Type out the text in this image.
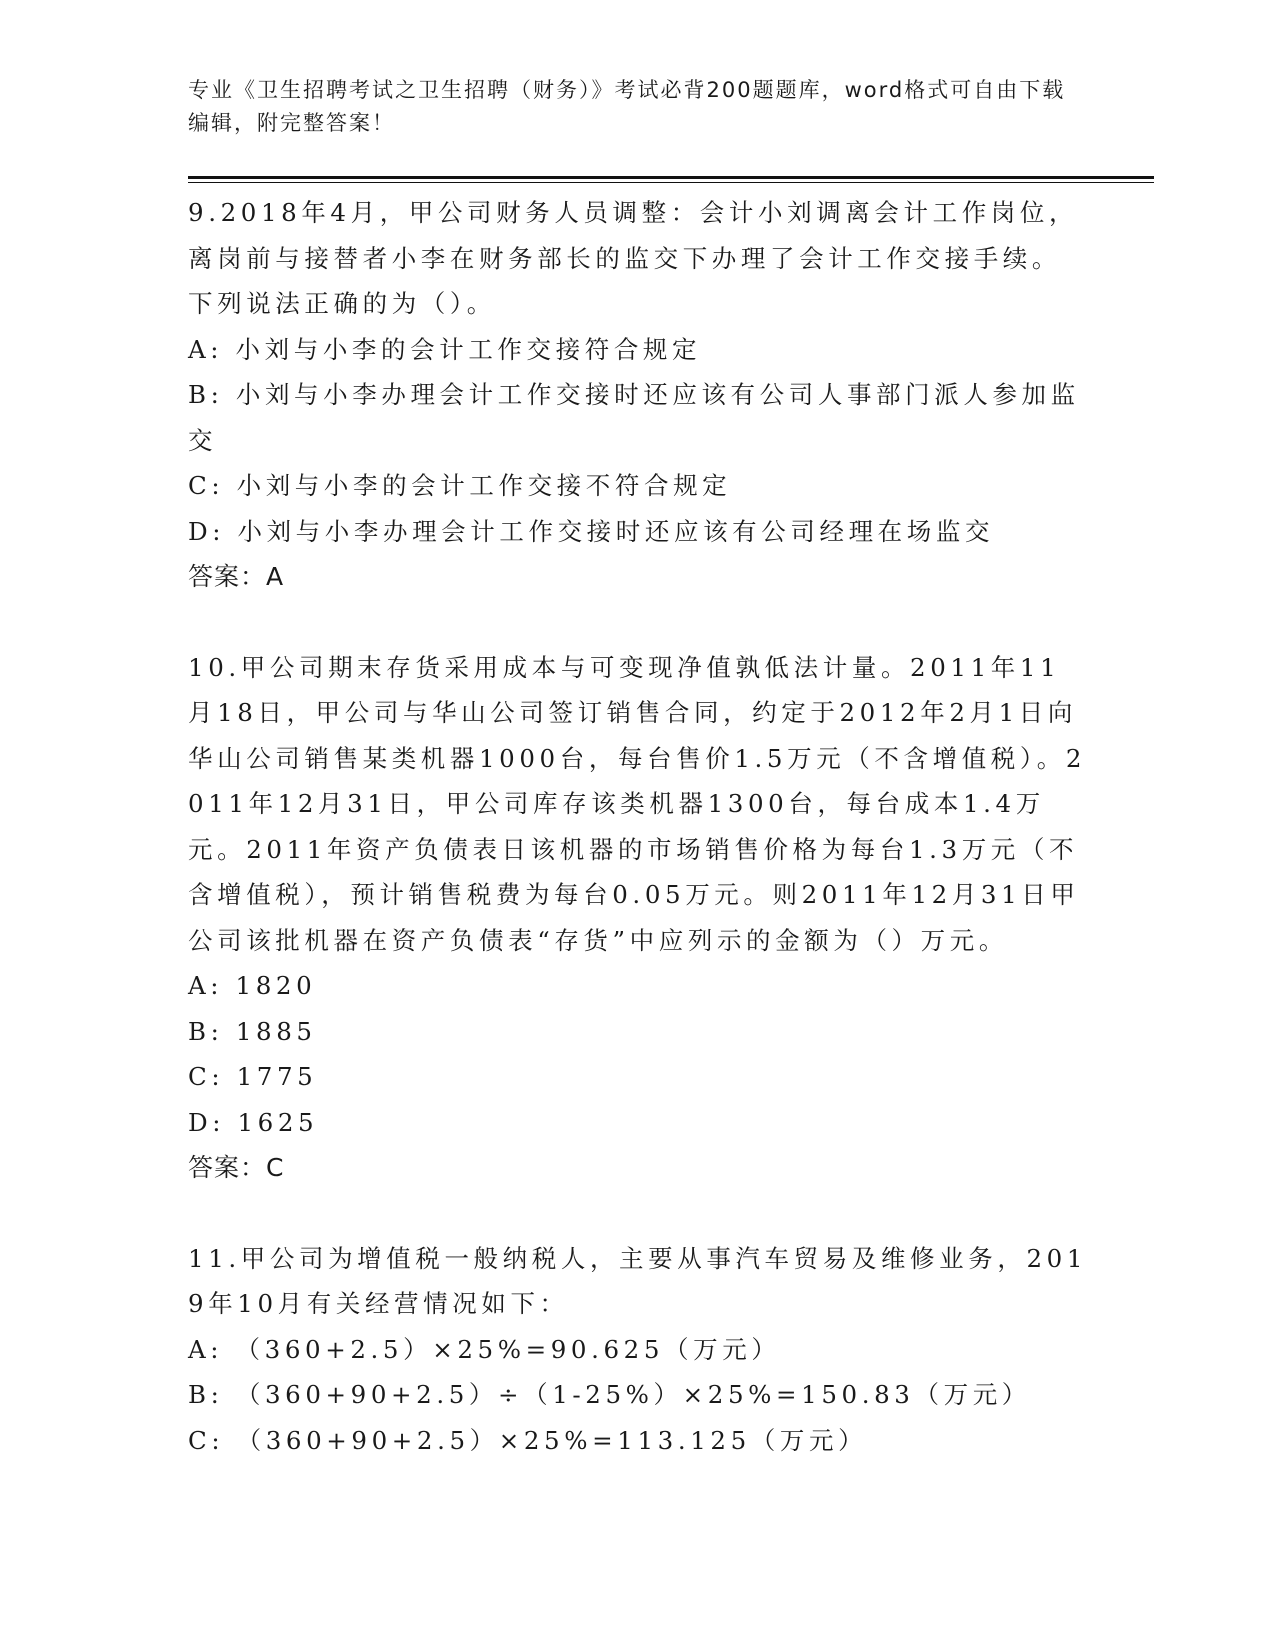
专业《卫生招聘考试之卫生招聘（财务）》考试必背200题题库，word格式可自由下载编辑，附完整答案！

9.2018年4月，甲公司财务人员调整：会计小刘调离会计工作岗位，离岗前与接替者小李在财务部长的监交下办理了会计工作交接手续。下列说法正确的为（）。

A: 小刘与小李的会计工作交接符合规定

B: 小刘与小李办理会计工作交接时还应该有公司人事部门派人参加监交

C: 小刘与小李的会计工作交接不符合规定

D: 小刘与小李办理会计工作交接时还应该有公司经理在场监交

答案：A

10.甲公司期末存货采用成本与可变现净值孰低法计量。2011年11月18日，甲公司与华山公司签订销售合同，约定于2012年2月1日向华山公司销售某类机器1000台，每台售价1.5万元（不含增值税）。2011年12月31日，甲公司库存该类机器1300台，每台成本1.4万元。2011年资产负债表日该机器的市场销售价格为每台1.3万元（不含增值税），预计销售税费为每台0.05万元。则2011年12月31日甲公司该批机器在资产负债表“存货”中应列示的金额为（）万元。

A: 1820

B: 1885

C: 1775

D: 1625

答案：C

11.甲公司为增值税一般纳税人，主要从事汽车贸易及维修业务，2019年10月有关经营情况如下：

A: （360+2.5）×25%=90.625（万元）

B: （360+90+2.5）÷（1-25%）×25%=150.83（万元）

C: （360+90+2.5）×25%=113.125（万元）
